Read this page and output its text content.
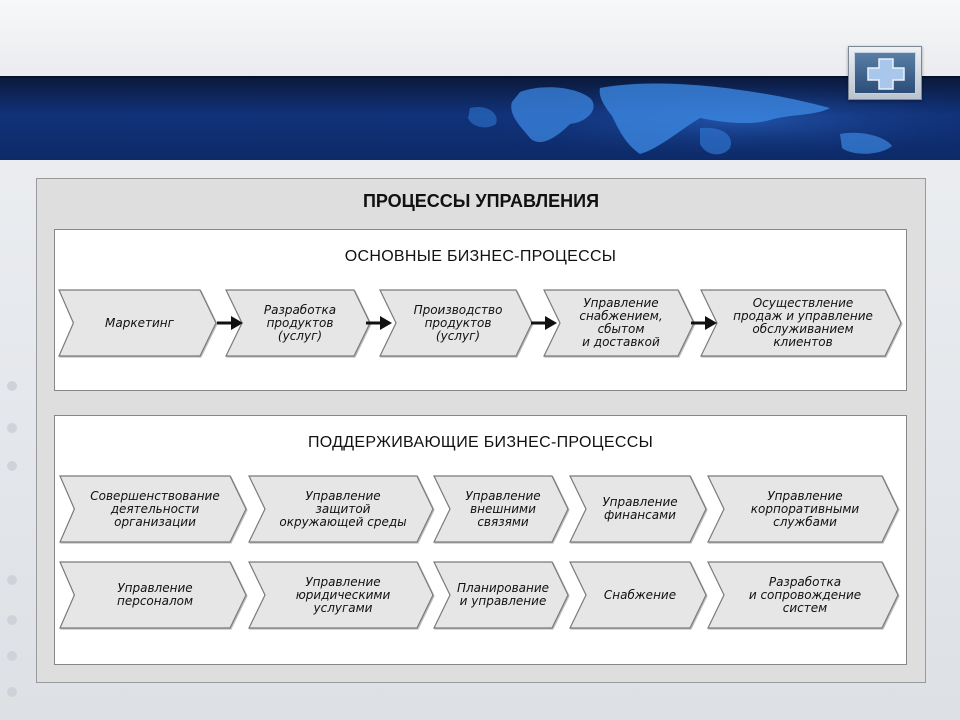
ПРОЦЕССЫ УПРАВЛЕНИЯ
ОСНОВНЫЕ БИЗНЕС-ПРОЦЕССЫ
ПОДДЕРЖИВАЮЩИЕ БИЗНЕС-ПРОЦЕССЫ
Маркетинг
Разработка
продуктов
(услуг)
Производство
продуктов
(услуг)
Управление
снабжением,
сбытом
и доставкой
Осуществление
продаж и управление
обслуживанием
клиентов
Совершенствование
деятельности
организации
Управление
защитой
окружающей среды
Управление
внешними
связями
Управление
финансами
Управление
корпоративными
службами
Управление
персоналом
Управление
юридическими
услугами
Планирование
и управление	Снабжение
Разработка
и сопровождение
систем
